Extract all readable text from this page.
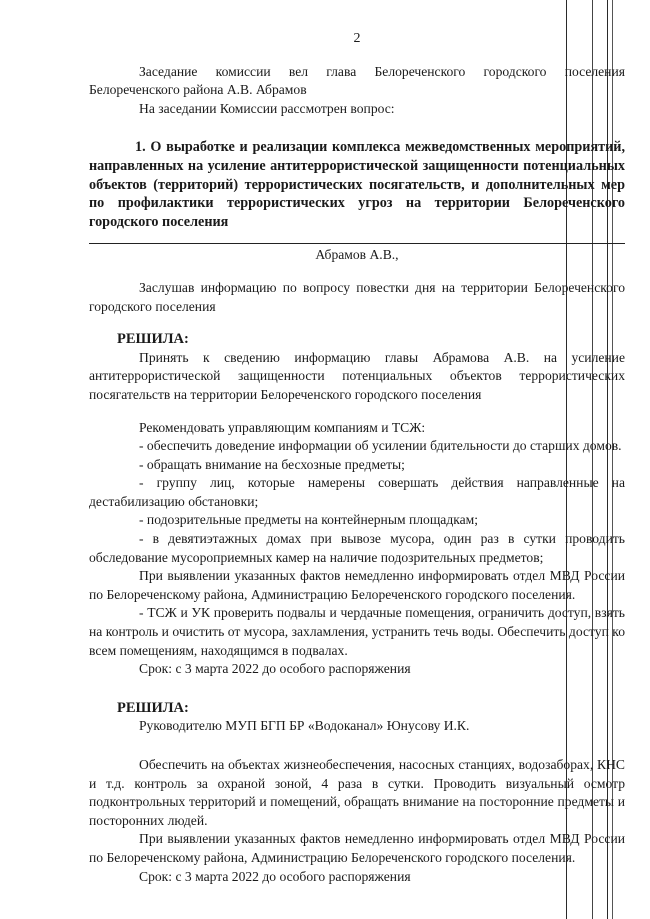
2

Заседание комиссии вел глава Белореченского городского поселения Белореченского района А.В. Абрамов

На заседании Комиссии рассмотрен вопрос:

1. О выработке и реализации комплекса межведомственных мероприятий, направленных на усиление антитеррористической защищенности потенциальных объектов (территорий) террористических посягательств, и дополнительных мер по профилактики террористических угроз на территории Белореченского городского поселения

Абрамов А.В.,

Заслушав информацию по вопросу повестки дня на территории Белореченского городского поселения

РЕШИЛА:

Принять к сведению информацию главы Абрамова А.В. на усиление антитеррористической защищенности потенциальных объектов террористических посягательств на территории Белореченского городского поселения

Рекомендовать управляющим компаниям и ТСЖ:

- обеспечить доведение информации об усилении бдительности до старших домов.
- обращать внимание на бесхозные предметы;
- группу лиц, которые намерены совершать действия направленные на дестабилизацию обстановки;
- подозрительные предметы на контейнерным площадкам;
- в девятиэтажных домах при вывозе мусора, один раз в сутки проводить обследование мусороприемных камер на наличие подозрительных предметов;

При выявлении указанных фактов немедленно информировать отдел МВД России по Белореченскому района, Администрацию Белореченского городского поселения.

- ТСЖ и УК проверить подвалы и чердачные помещения, ограничить доступ, взять на контроль и очистить от мусора, захламления, устранить течь воды. Обеспечить доступ ко всем помещениям, находящимся в подвалах.

Срок: с 3 марта 2022 до особого распоряжения

РЕШИЛА:

Руководителю МУП БГП БР «Водоканал» Юнусову И.К.

Обеспечить на объектах жизнеобеспечения, насосных станциях, водозаборах, КНС и т.д. контроль за охраной зоной, 4 раза в сутки. Проводить визуальный осмотр подконтрольных территорий и помещений, обращать внимание на посторонние предметы и посторонних людей.

При выявлении указанных фактов немедленно информировать отдел МВД России по Белореченскому района, Администрацию Белореченского городского поселения.

Срок: с 3 марта 2022 до особого распоряжения
